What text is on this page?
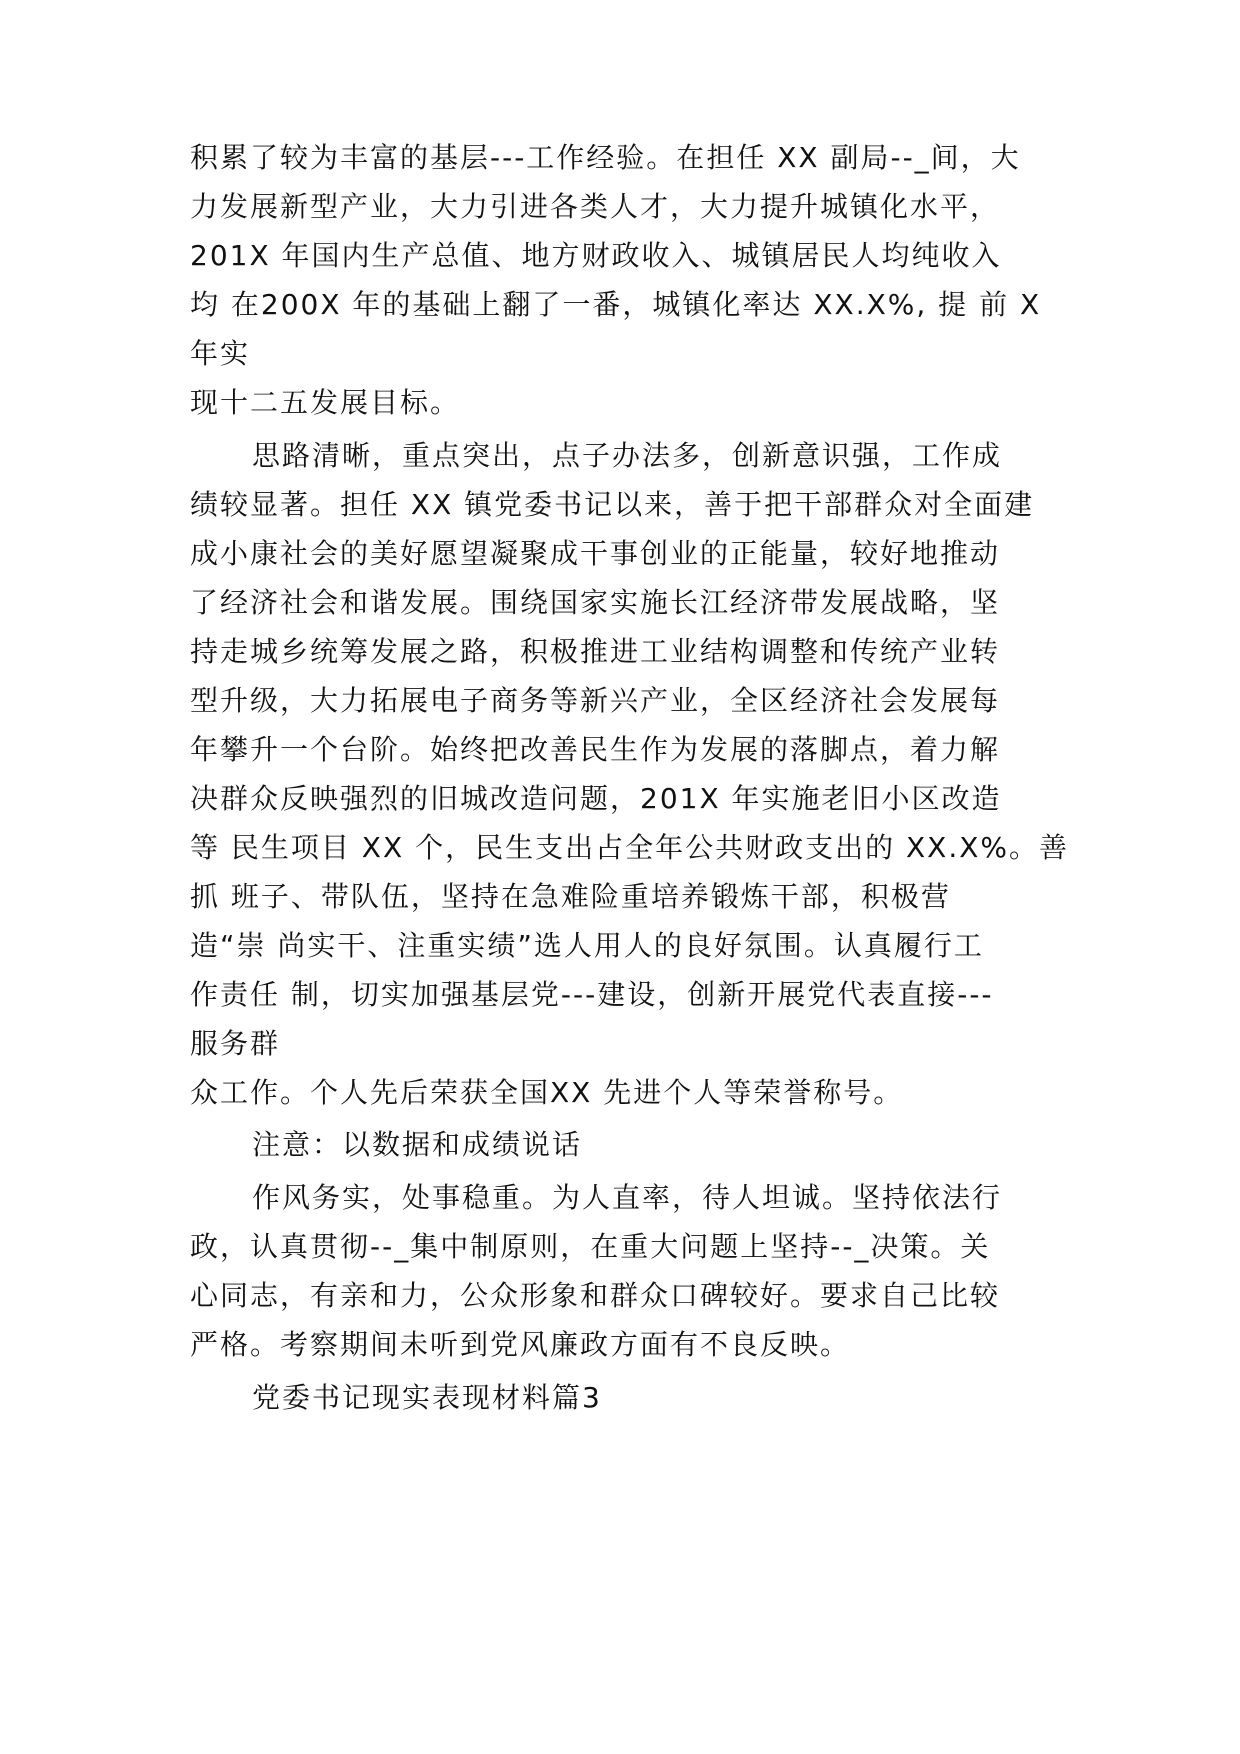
积累了较为丰富的基层---工作经验。在担任 XX 副局--_间，大
力发展新型产业，大力引进各类人才，大力提升城镇化水平，
201X 年国内生产总值、地方财政收入、城镇居民人均纯收入
均 在200X 年的基础上翻了一番，城镇化率达 XX.X%, 提 前 X
年实
现十二五发展目标。
思路清晰，重点突出，点子办法多，创新意识强，工作成
绩较显著。担任 XX 镇党委书记以来，善于把干部群众对全面建
成小康社会的美好愿望凝聚成干事创业的正能量，较好地推动
了经济社会和谐发展。围绕国家实施长江经济带发展战略，坚
持走城乡统筹发展之路，积极推进工业结构调整和传统产业转
型升级，大力拓展电子商务等新兴产业，全区经济社会发展每
年攀升一个台阶。始终把改善民生作为发展的落脚点，着力解
决群众反映强烈的旧城改造问题，201X 年实施老旧小区改造
等 民生项目 XX 个，民生支出占全年公共财政支出的 XX.X%。善
抓 班子、带队伍，坚持在急难险重培养锻炼干部，积极营
造“崇 尚实干、注重实绩”选人用人的良好氛围。认真履行工
作责任 制，切实加强基层党---建设，创新开展党代表直接---
服务群
众工作。个人先后荣获全国XX 先进个人等荣誉称号。
注意：以数据和成绩说话
作风务实，处事稳重。为人直率，待人坦诚。坚持依法行
政，认真贯彻--_集中制原则，在重大问题上坚持--_决策。关
心同志，有亲和力，公众形象和群众口碑较好。要求自己比较
严格。考察期间未听到党风廉政方面有不良反映。
党委书记现实表现材料篇3
